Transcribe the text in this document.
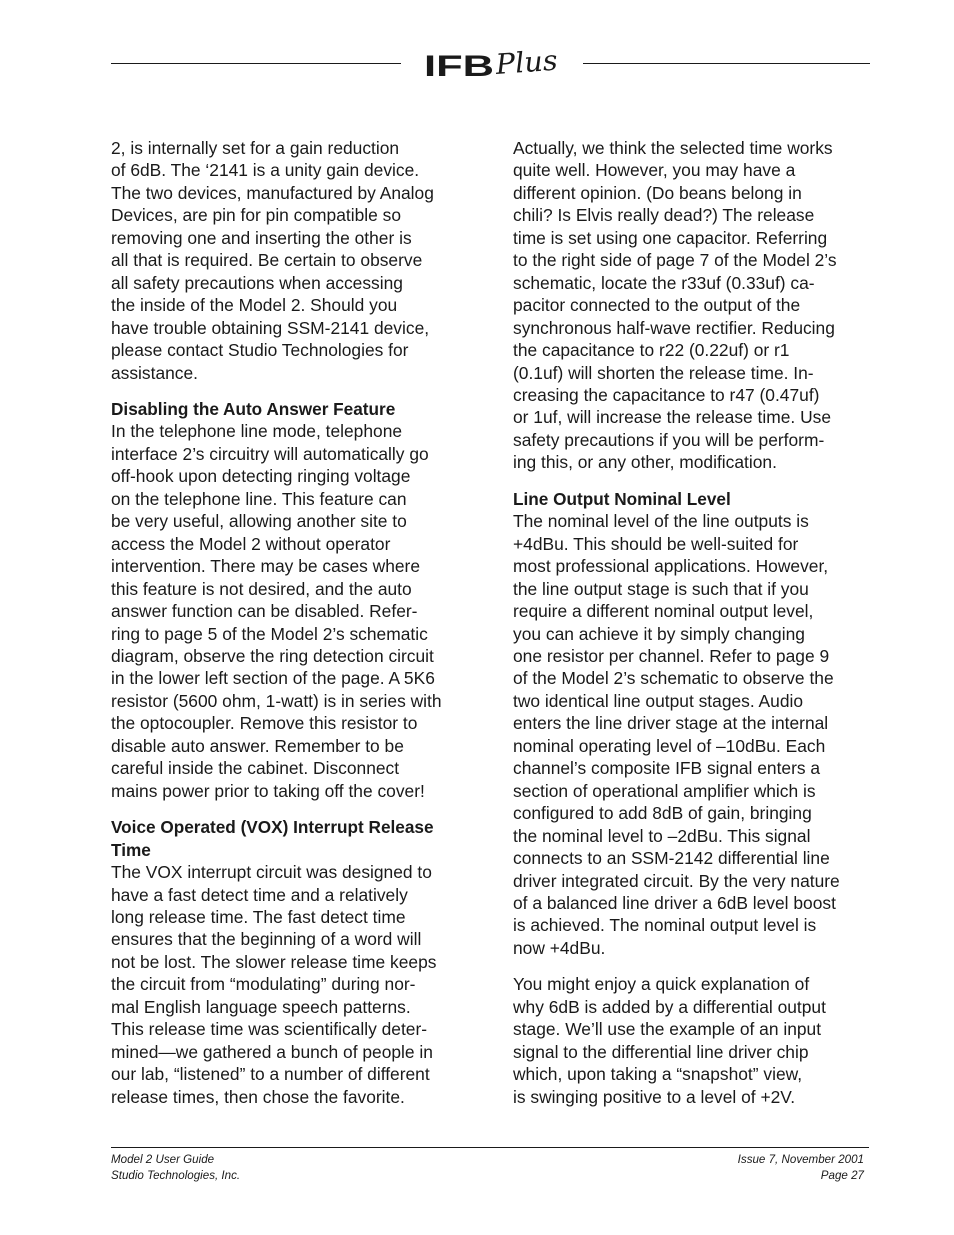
IFB Plus

2, is internally set for a gain reduction
of 6dB. The ‘2141 is a unity gain device.
The two devices, manufactured by Analog
Devices, are pin for pin compatible so
removing one and inserting the other is
all that is required. Be certain to observe
all safety precautions when accessing
the inside of the Model 2. Should you
have trouble obtaining SSM-2141 device,
please contact Studio Technologies for
assistance.

Disabling the Auto Answer Feature

In the telephone line mode, telephone
interface 2’s circuitry will automatically go
off-hook upon detecting ringing voltage
on the telephone line. This feature can
be very useful, allowing another site to
access the Model 2 without operator
intervention. There may be cases where
this feature is not desired, and the auto
answer function can be disabled. Refer-
ring to page 5 of the Model 2’s schematic
diagram, observe the ring detection circuit
in the lower left section of the page. A 5K6
resistor (5600 ohm, 1-watt) is in series with
the optocoupler. Remove this resistor to
disable auto answer. Remember to be
careful inside the cabinet. Disconnect
mains power prior to taking off the cover!

Voice Operated (VOX) Interrupt Release
Time

The VOX interrupt circuit was designed to
have a fast detect time and a relatively
long release time. The fast detect time
ensures that the beginning of a word will
not be lost. The slower release time keeps
the circuit from “modulating” during nor-
mal English language speech patterns.
This release time was scientifically deter-
mined—we gathered a bunch of people in
our lab, “listened” to a number of different
release times, then chose the favorite.

Actually, we think the selected time works
quite well. However, you may have a
different opinion. (Do beans belong in
chili? Is Elvis really dead?) The release
time is set using one capacitor. Referring
to the right side of page 7 of the Model 2’s
schematic, locate the r33uf (0.33uf) ca-
pacitor connected to the output of the
synchronous half-wave rectifier. Reducing
the capacitance to r22 (0.22uf) or r1
(0.1uf) will shorten the release time. In-
creasing the capacitance to r47 (0.47uf)
or 1uf, will increase the release time. Use
safety precautions if you will be perform-
ing this, or any other, modification.

Line Output Nominal Level

The nominal level of the line outputs is
+4dBu. This should be well-suited for
most professional applications. However,
the line output stage is such that if you
require a different nominal output level,
you can achieve it by simply changing
one resistor per channel. Refer to page 9
of the Model 2’s schematic to observe the
two identical line output stages. Audio
enters the line driver stage at the internal
nominal operating level of –10dBu. Each
channel’s composite IFB signal enters a
section of operational amplifier which is
configured to add 8dB of gain, bringing
the nominal level to –2dBu. This signal
connects to an SSM-2142 differential line
driver integrated circuit. By the very nature
of a balanced line driver a 6dB level boost
is achieved. The nominal output level is
now +4dBu.

You might enjoy a quick explanation of
why 6dB is added by a differential output
stage. We’ll use the example of an input
signal to the differential line driver chip
which, upon taking a “snapshot” view,
is swinging positive to a level of +2V.

Model 2 User Guide
Studio Technologies, Inc.
Issue 7, November 2001
Page 27
